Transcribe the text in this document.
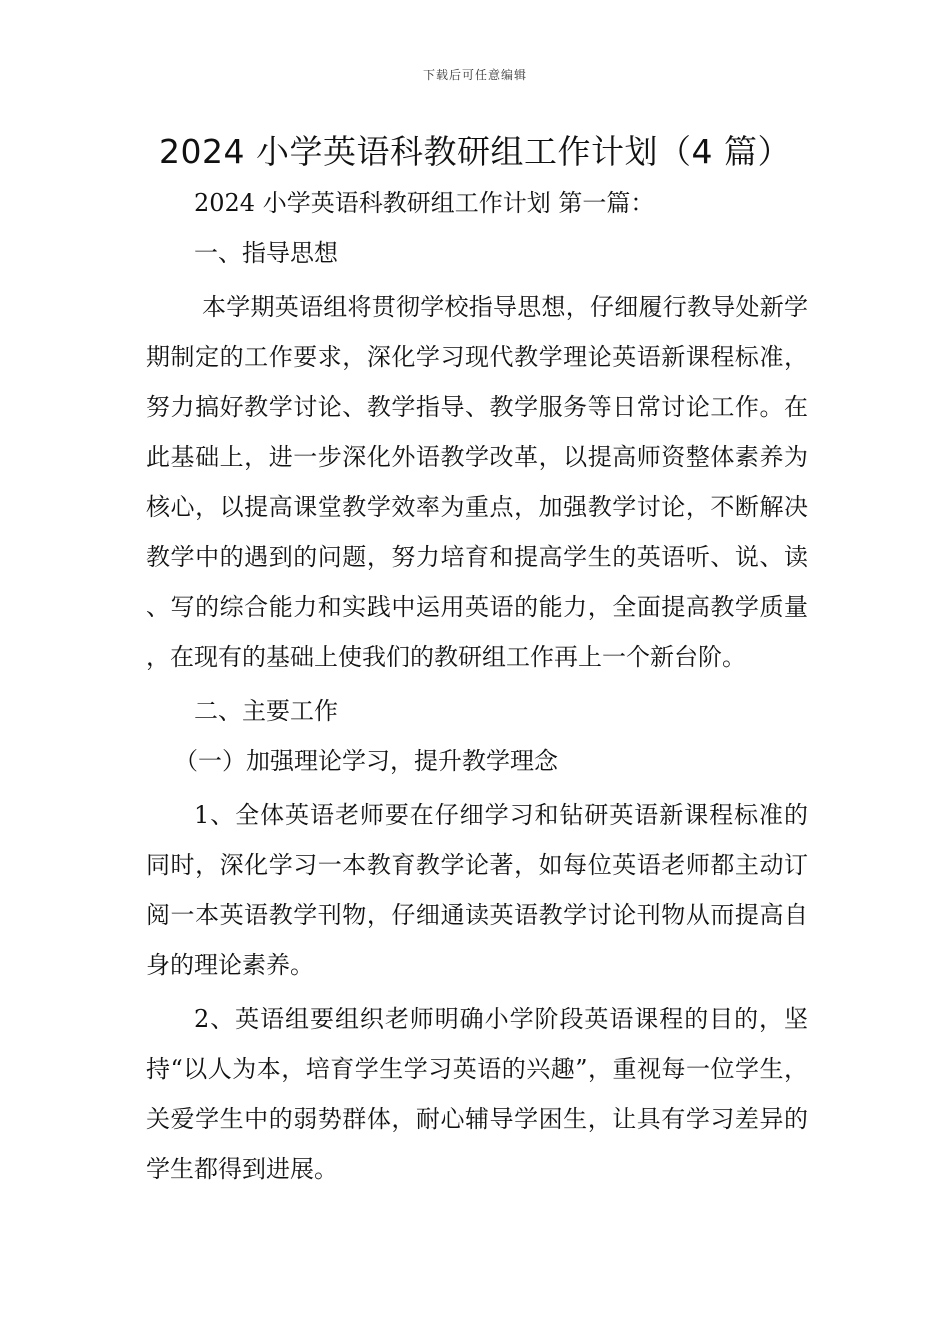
下载后可任意编辑
2024 小学英语科教研组工作计划（4 篇）

2024 小学英语科教研组工作计划 第一篇：

一、指导思想

本学期英语组将贯彻学校指导思想，仔细履行教导处新学期制定的工作要求，深化学习现代教学理论英语新课程标准，努力搞好教学讨论、教学指导、教学服务等日常讨论工作。在此基础上，进一步深化外语教学改革，以提高师资整体素养为核心，以提高课堂教学效率为重点，加强教学讨论，不断解决教学中的遇到的问题，努力培育和提高学生的英语听、说、读、写的综合能力和实践中运用英语的能力，全面提高教学质量，在现有的基础上使我们的教研组工作再上一个新台阶。

二、主要工作

（一）加强理论学习，提升教学理念

1、全体英语老师要在仔细学习和钻研英语新课程标准的同时，深化学习一本教育教学论著，如每位英语老师都主动订阅一本英语教学刊物，仔细通读英语教学讨论刊物从而提高自身的理论素养。

2、英语组要组织老师明确小学阶段英语课程的目的，坚持“以人为本，培育学生学习英语的兴趣”，重视每一位学生，关爱学生中的弱势群体，耐心辅导学困生，让具有学习差异的学生都得到进展。
